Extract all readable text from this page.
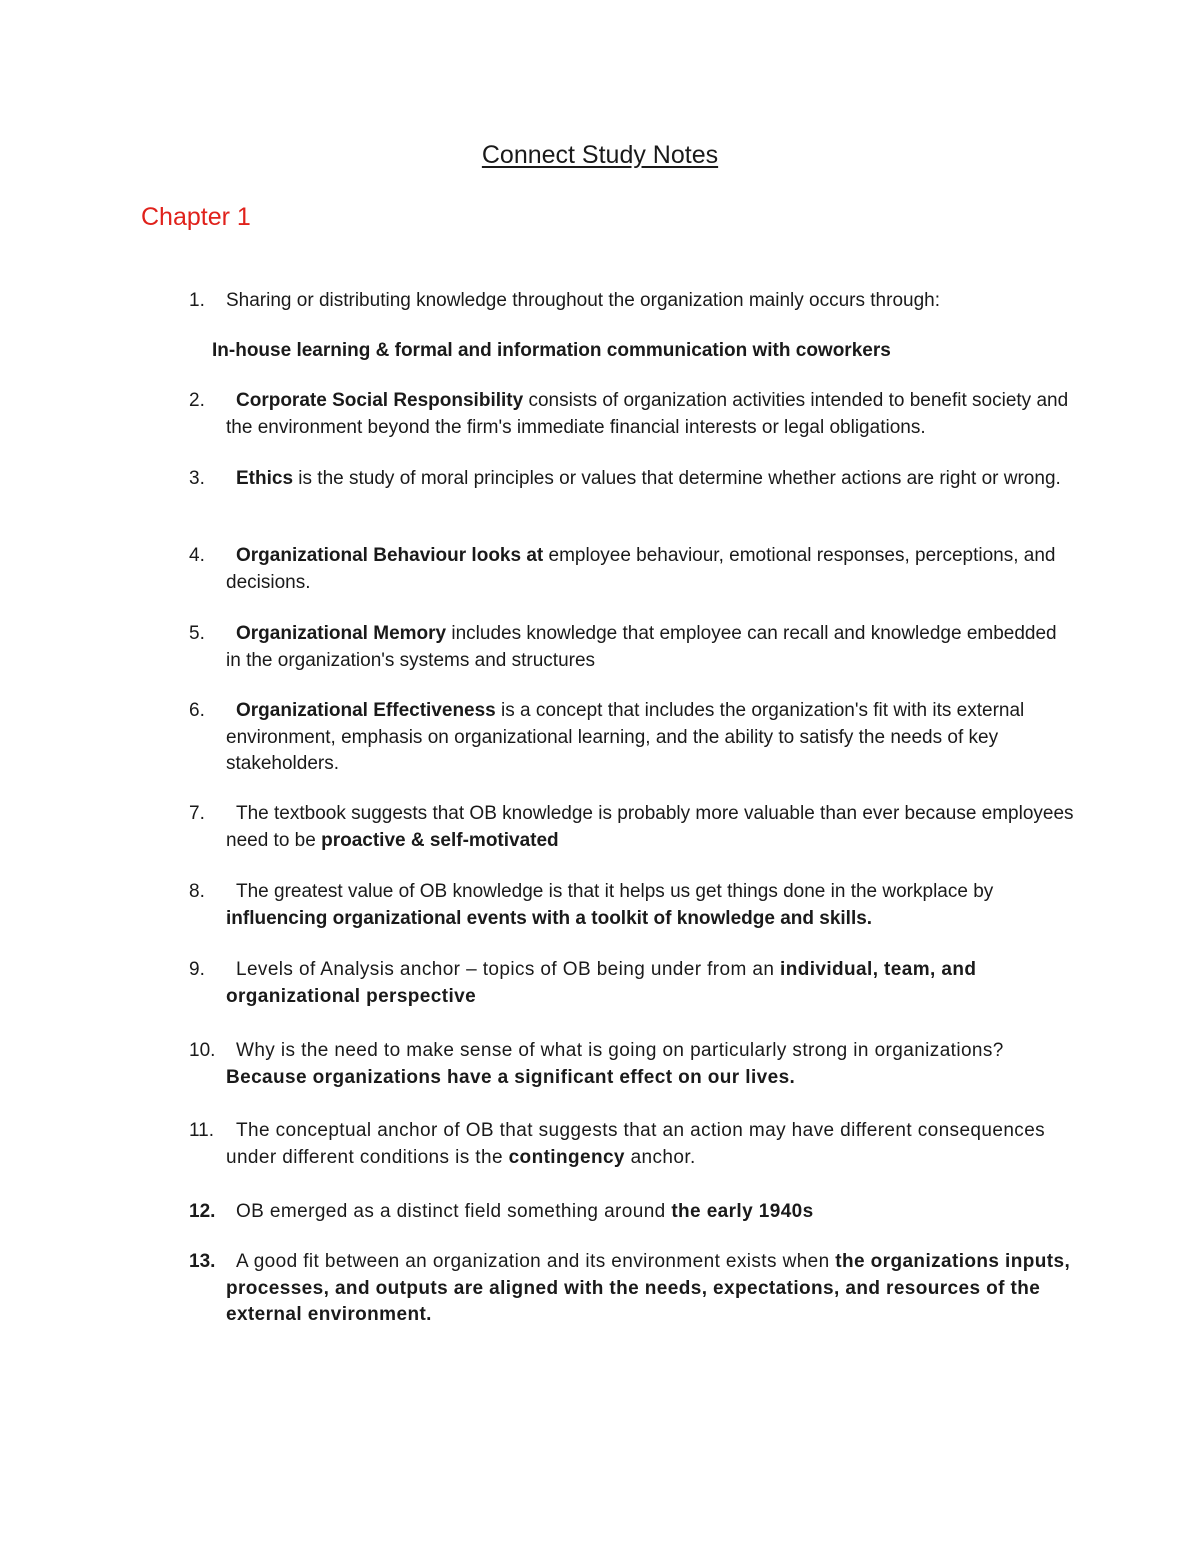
Connect Study Notes
Chapter 1
In-house learning & formal and information communication with coworkers
1. Sharing or distributing knowledge throughout the organization mainly occurs through:
2.	Corporate Social Responsibility consists of organization activities intended to benefit society and the environment beyond the firm's immediate financial interests or legal obligations.
3.	Ethics is the study of moral principles or values that determine whether actions are right or wrong.
4.	Organizational Behaviour looks at employee behaviour, emotional responses, perceptions, and decisions.
5.	Organizational Memory includes knowledge that employee can recall and knowledge embedded in the organization's systems and structures
6.	Organizational Effectiveness is a concept that includes the organization's fit with its external environment, emphasis on organizational learning, and the ability to satisfy the needs of key stakeholders.
7.	The textbook suggests that OB knowledge is probably more valuable than ever because employees need to be proactive & self-motivated
8.	The greatest value of OB knowledge is that it helps us get things done in the workplace by influencing organizational events with a toolkit of knowledge and skills.
9.	Levels of Analysis anchor – topics of OB being under from an individual, team, and organizational perspective
10.	Why is the need to make sense of what is going on particularly strong in organizations? Because organizations have a significant effect on our lives.
11.	The conceptual anchor of OB that suggests that an action may have different consequences under different conditions is the contingency anchor.
12.	OB emerged as a distinct field something around the early 1940s
13.	A good fit between an organization and its environment exists when the organizations inputs, processes, and outputs are aligned with the needs, expectations, and resources of the external environment.
